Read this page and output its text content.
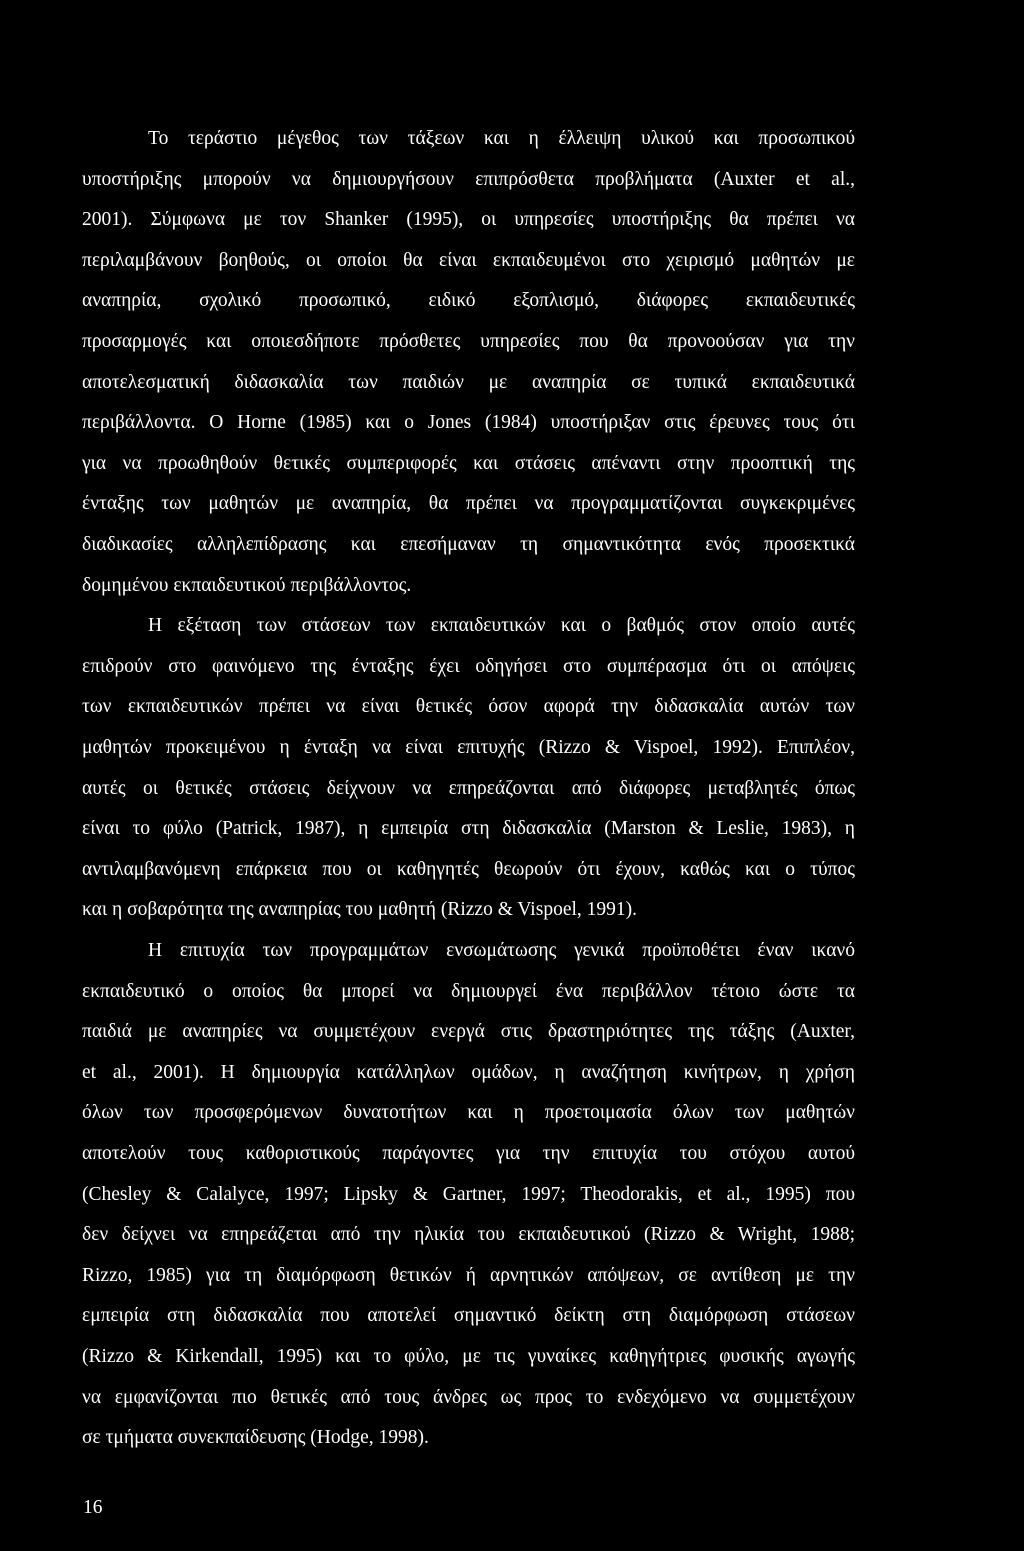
Το τεράστιο μέγεθος των τάξεων και η έλλειψη υλικού και προσωπικού
υποστήριξης μπορούν να δημιουργήσουν επιπρόσθετα προβλήματα (Auxter et al.,
2001). Σύμφωνα με τον Shanker (1995), οι υπηρεσίες υποστήριξης θα πρέπει να
περιλαμβάνουν βοηθούς, οι οποίοι θα είναι εκπαιδευμένοι στο χειρισμό μαθητών με
αναπηρία, σχολικό προσωπικό, ειδικό εξοπλισμό, διάφορες εκπαιδευτικές
προσαρμογές και οποιεσδήποτε πρόσθετες υπηρεσίες που θα προνοούσαν για την
αποτελεσματική διδασκαλία των παιδιών με αναπηρία σε τυπικά εκπαιδευτικά
περιβάλλοντα. Ο Horne (1985) και ο Jones (1984) υποστήριξαν στις έρευνες τους ότι
για να προωθηθούν θετικές συμπεριφορές και στάσεις απέναντι στην προοπτική της
ένταξης των μαθητών με αναπηρία, θα πρέπει να προγραμματίζονται συγκεκριμένες
διαδικασίες αλληλεπίδρασης και επεσήμαναν τη σημαντικότητα ενός προσεκτικά
δομημένου εκπαιδευτικού περιβάλλοντος.
Η εξέταση των στάσεων των εκπαιδευτικών και ο βαθμός στον οποίο αυτές
επιδρούν στο φαινόμενο της ένταξης έχει οδηγήσει στο συμπέρασμα ότι οι απόψεις
των εκπαιδευτικών πρέπει να είναι θετικές όσον αφορά την διδασκαλία αυτών των
μαθητών προκειμένου η ένταξη να είναι επιτυχής (Rizzo & Vispoel, 1992). Επιπλέον,
αυτές οι θετικές στάσεις δείχνουν να επηρεάζονται από διάφορες μεταβλητές όπως
είναι το φύλο (Patrick, 1987), η εμπειρία στη διδασκαλία (Marston & Leslie, 1983), η
αντιλαμβανόμενη επάρκεια που οι καθηγητές θεωρούν ότι έχουν, καθώς και ο τύπος
και η σοβαρότητα της αναπηρίας του μαθητή (Rizzo & Vispoel, 1991).
Η επιτυχία των προγραμμάτων ενσωμάτωσης γενικά προϋποθέτει έναν ικανό
εκπαιδευτικό ο οποίος θα μπορεί να δημιουργεί ένα περιβάλλον τέτοιο ώστε τα
παιδιά με αναπηρίες να συμμετέχουν ενεργά στις δραστηριότητες της τάξης (Auxter,
et al., 2001). Η δημιουργία κατάλληλων ομάδων, η αναζήτηση κινήτρων, η χρήση
όλων των προσφερόμενων δυνατοτήτων και η προετοιμασία όλων των μαθητών
αποτελούν τους καθοριστικούς παράγοντες για την επιτυχία του στόχου αυτού
(Chesley & Calalyce, 1997; Lipsky & Gartner, 1997; Theodorakis, et al., 1995) που
δεν δείχνει να επηρεάζεται από την ηλικία του εκπαιδευτικού (Rizzo & Wright, 1988;
Rizzo, 1985) για τη διαμόρφωση θετικών ή αρνητικών απόψεων, σε αντίθεση με την
εμπειρία στη διδασκαλία που αποτελεί σημαντικό δείκτη στη διαμόρφωση στάσεων
(Rizzo & Kirkendall, 1995) και το φύλο, με τις γυναίκες καθηγήτριες φυσικής αγωγής
να εμφανίζονται πιο θετικές από τους άνδρες ως προς το ενδεχόμενο να συμμετέχουν
σε τμήματα συνεκπαίδευσης (Hodge, 1998).
16
